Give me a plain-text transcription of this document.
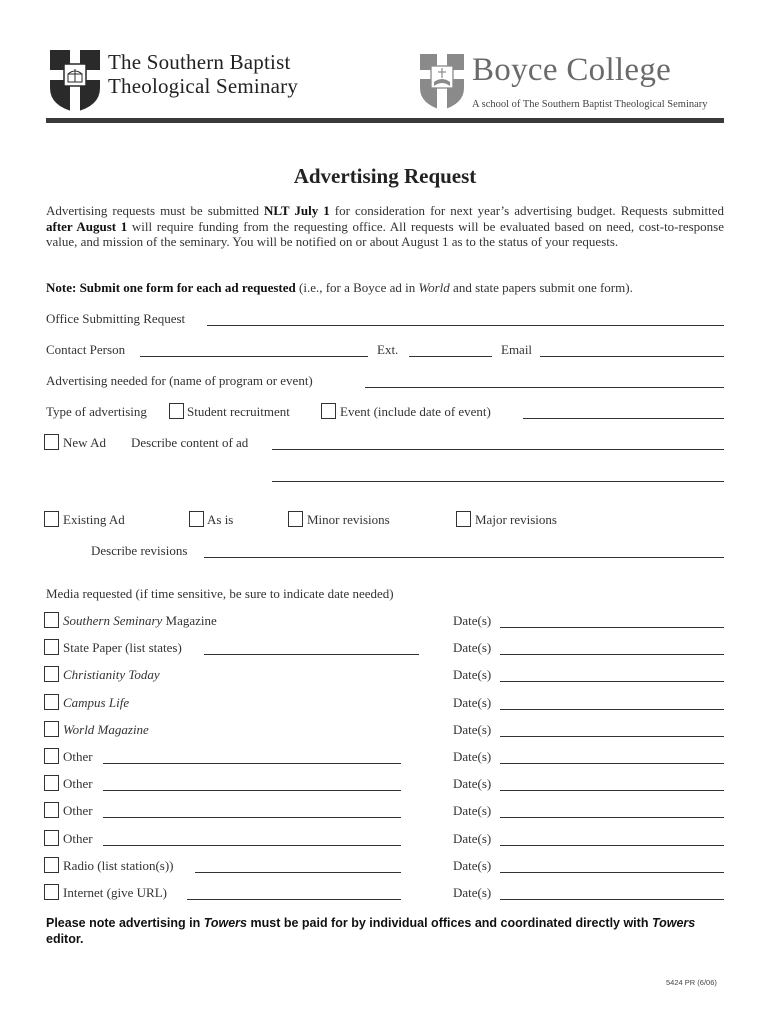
The Southern Baptist
Theological Seminary	Boyce College
A school of The Southern Baptist Theological Seminary
Advertising Request
Advertising requests must be submitted NLT July 1 for consideration for next year’s advertising budget. Requests submitted after August 1 will require funding from the requesting office. All requests will be evaluated based on need, cost-to-response value, and mission of the seminary. You will be notified on or about August 1 as to the status of your requests.
Note: Submit one form for each ad requested (i.e., for a Boyce ad in World and state papers submit one form).
Office Submitting Request
Contact Person	Ext.	Email
Advertising needed for (name of program or event)
Type of advertising	Student recruitment	Event (include date of event)
New Ad Describe content of ad
Existing Ad	As is	Minor revisions	Major revisions
Describe revisions
Media requested (if time sensitive, be sure to indicate date needed)
Southern Seminary Magazine	Date(s)
State Paper (list states)	Date(s)
Christianity Today	Date(s)
Campus Life	Date(s)
World Magazine	Date(s)
Other	Date(s)
Other	Date(s)
Other	Date(s)
Other	Date(s)
Radio (list station(s))	Date(s)
Internet (give URL)	Date(s)
Please note advertising in Towers must be paid for by individual offices and coordinated directly with Towers editor.
5424 PR (6/06)
